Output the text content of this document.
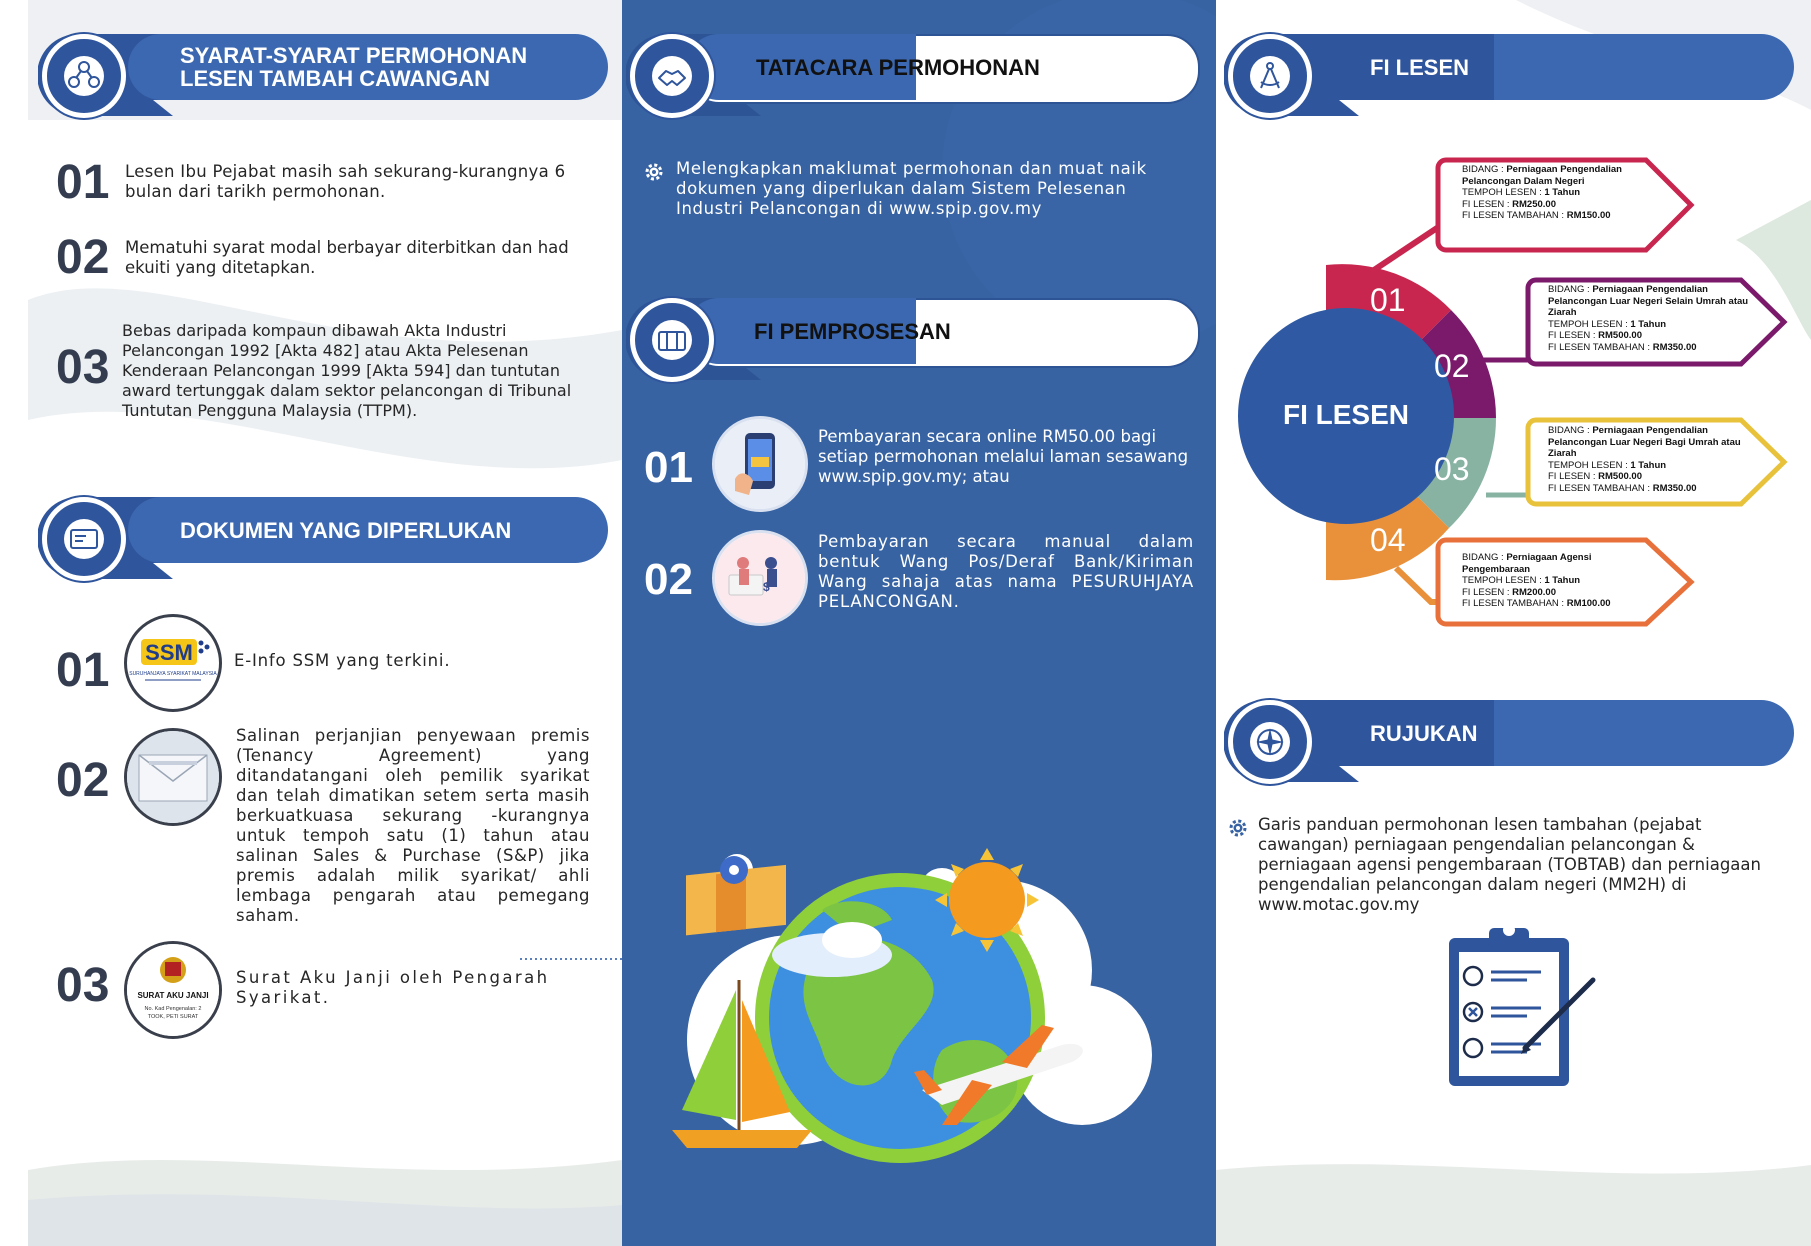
SYARAT-SYARAT PERMOHONAN LESEN TAMBAH CAWANGAN
01 Lesen Ibu Pejabat masih sah sekurang-kurangnya 6 bulan dari tarikh permohonan.
02 Mematuhi syarat modal berbayar diterbitkan dan had ekuiti yang ditetapkan.
03
Bebas daripada kompaun dibawah Akta Industri Pelancongan 1992 [Akta 482] atau Akta Pelesenan Kenderaan Pelancongan 1999 [Akta 594] dan tuntutan award tertunggak dalam sektor pelancongan di Tribunal Tuntutan Pengguna Malaysia (TTPM).
DOKUMEN YANG DIPERLUKAN
01 SSM
SURUHANJAYA SYARIKAT MALAYSIA
E-Info SSM yang terkini.
02
Salinan perjanjian penyewaan premis (Tenancy Agreement) yang ditandatangani oleh pemilik syarikat dan telah dimatikan setem serta masih berkuatkuasa sekurang -kurangnya untuk tempoh satu (1) tahun atau salinan Sales & Purchase (S&P) jika premis adalah milik syarikat/ ahli lembaga pengarah atau pemegang saham.
03	SURAT AKU JANJI
No. Kad Pengenalan: 2
TOOK, PETI SURAT
Surat Aku Janji oleh Pengarah Syarikat.
TATACARA PERMOHONAN
Melengkapkan maklumat permohonan dan muat naik dokumen yang diperlukan dalam Sistem Pelesenan Industri Pelancongan di www.spip.gov.my
FI PEMPROSESAN
01
Pembayaran secara online RM50.00 bagi setiap permohonan melalui laman sesawang www.spip.gov.my; atau
02	$
Pembayaran secara manual dalam bentuk Wang Pos/Deraf Bank/Kiriman Wang sahaja atas nama PESURUHJAYA PELANCONGAN.
FI LESEN
FI LESEN
01
02
03
04
BIDANG : Perniagaan Pengendalian Pelancongan Dalam Negeri
TEMPOH LESEN : 1 Tahun
FI LESEN : RM250.00
FI LESEN TAMBAHAN : RM150.00
BIDANG : Perniagaan Pengendalian Pelancongan Luar Negeri Selain Umrah atau Ziarah
TEMPOH LESEN : 1 Tahun
FI LESEN : RM500.00
FI LESEN TAMBAHAN : RM350.00
BIDANG : Perniagaan Pengendalian Pelancongan Luar Negeri Bagi Umrah atau Ziarah
TEMPOH LESEN : 1 Tahun
FI LESEN : RM500.00
FI LESEN TAMBAHAN : RM350.00
BIDANG : Perniagaan Agensi Pengembaraan
TEMPOH LESEN : 1 Tahun
FI LESEN : RM200.00
FI LESEN TAMBAHAN : RM100.00
RUJUKAN
Garis panduan permohonan lesen tambahan (pejabat cawangan) perniagaan pengendalian pelancongan & perniagaan agensi pengembaraan (TOBTAB) dan perniagaan pengendalian pelancongan dalam negeri (MM2H) di www.motac.gov.my
